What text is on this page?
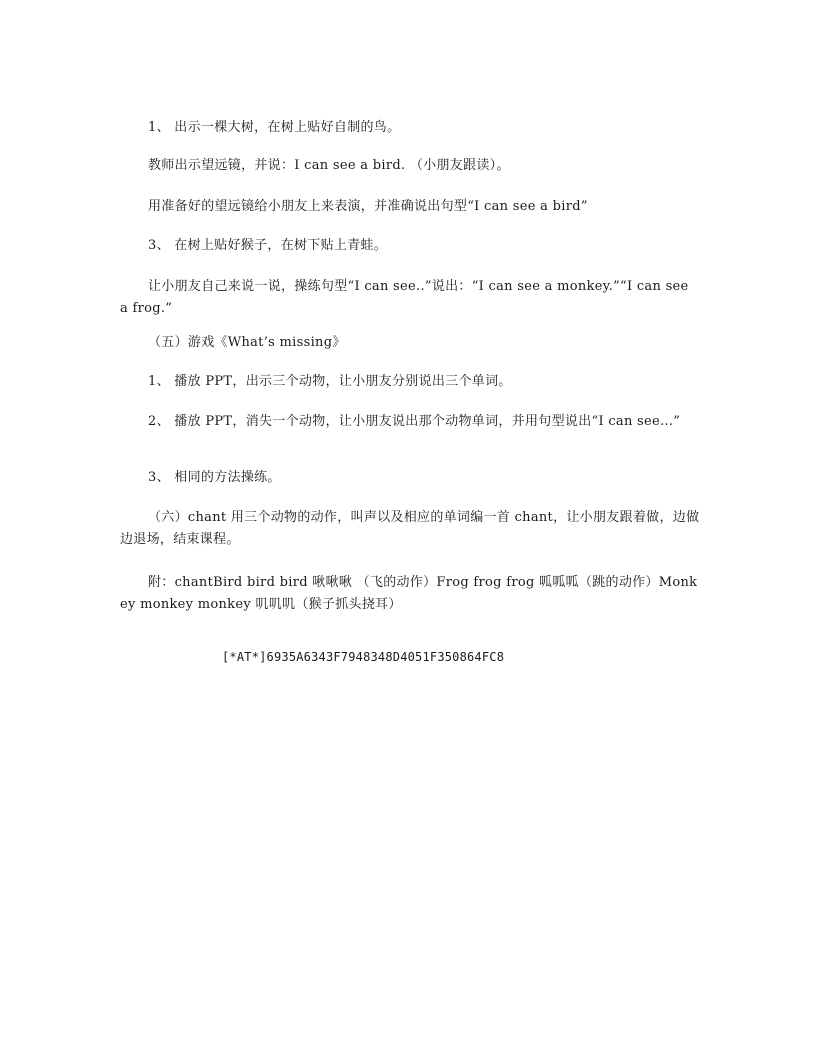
1、 出示一棵大树，在树上贴好自制的鸟。
教师出示望远镜，并说：I can see a bird. （小朋友跟读）。
用准备好的望远镜给小朋友上来表演，并准确说出句型“I can see a bird”
3、 在树上贴好猴子，在树下贴上青蛙。
让小朋友自己来说一说，操练句型“I can see..”说出：“I can see a monkey.”“I can see a frog.”
（五）游戏《What’s missing》
1、 播放 PPT，出示三个动物，让小朋友分别说出三个单词。
2、 播放 PPT，消失一个动物，让小朋友说出那个动物单词，并用句型说出“I can see…”
3、 相同的方法操练。
（六）chant 用三个动物的动作，叫声以及相应的单词编一首 chant，让小朋友跟着做，边做边退场，结束课程。
附：chantBird bird bird 啾啾啾 （飞的动作）Frog frog frog 呱呱呱（跳的动作）Monkey monkey monkey 叽叽叽（猴子抓头挠耳）
[*AT*]6935A6343F7948348D4051F350864FC8
